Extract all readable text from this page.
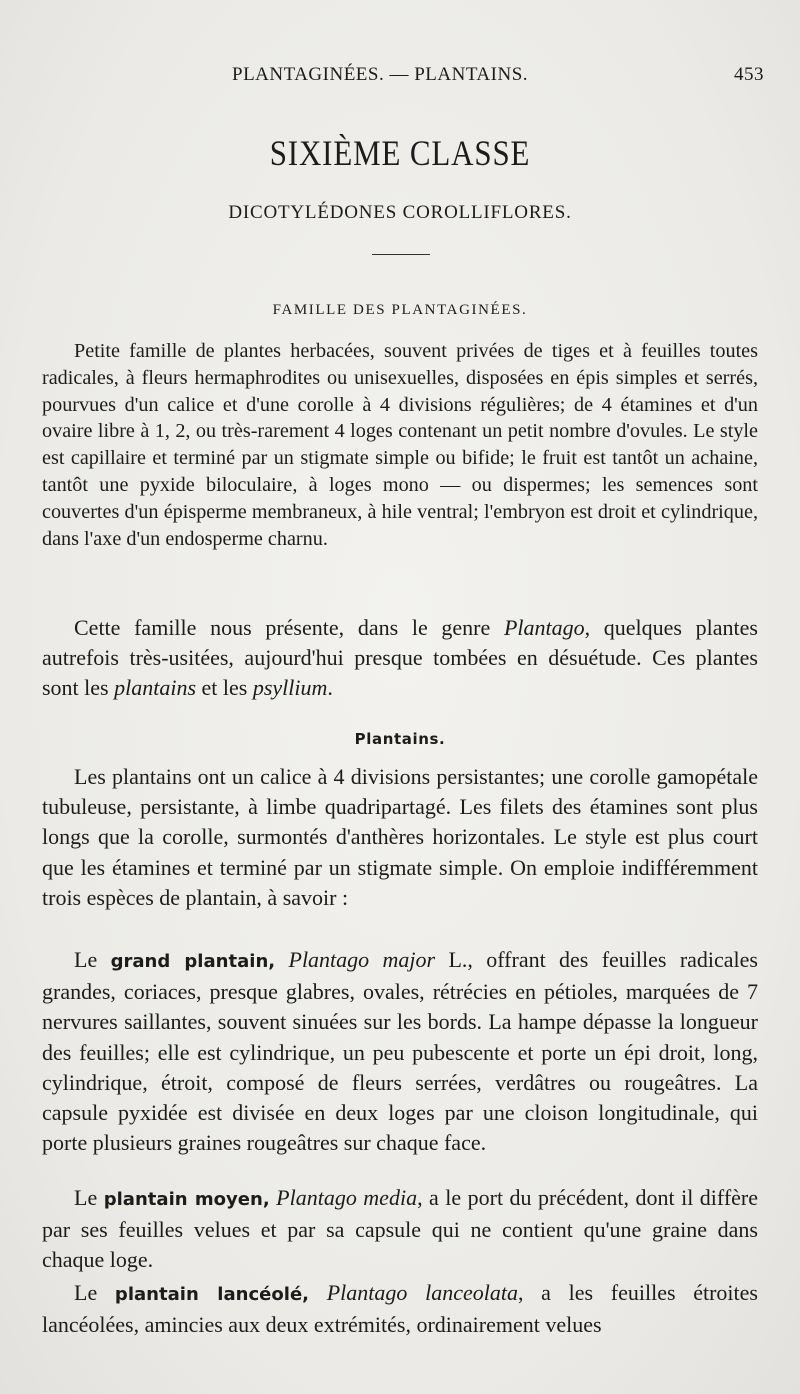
PLANTAGINÉES. — PLANTAINS.	453
SIXIÈME CLASSE
DICOTYLÉDONES COROLLIFLORES.
FAMILLE DES PLANTAGINÉES.

Petite famille de plantes herbacées, souvent privées de tiges et à feuilles toutes radicales, à fleurs hermaphrodites ou unisexuelles, disposées en épis simples et serrés, pourvues d'un calice et d'une corolle à 4 divisions régulières; de 4 étamines et d'un ovaire libre à 1, 2, ou très-rarement 4 loges contenant un petit nombre d'ovules. Le style est capillaire et terminé par un stigmate simple ou bifide; le fruit est tantôt un achaine, tantôt une pyxide biloculaire, à loges mono — ou dispermes; les semences sont couvertes d'un épisperme membraneux, à hile ventral; l'embryon est droit et cylindrique, dans l'axe d'un endosperme charnu.

Cette famille nous présente, dans le genre Plantago, quelques plantes autrefois très-usitées, aujourd'hui presque tombées en désuétude. Ces plantes sont les plantains et les psyllium.

Plantains.

Les plantains ont un calice à 4 divisions persistantes; une corolle gamopétale tubuleuse, persistante, à limbe quadripartagé. Les filets des étamines sont plus longs que la corolle, surmontés d'anthères horizontales. Le style est plus court que les étamines et terminé par un stigmate simple. On emploie indifféremment trois espèces de plantain, à savoir :

Le grand plantain, Plantago major L., offrant des feuilles radicales grandes, coriaces, presque glabres, ovales, rétrécies en pétioles, marquées de 7 nervures saillantes, souvent sinuées sur les bords. La hampe dépasse la longueur des feuilles; elle est cylindrique, un peu pubescente et porte un épi droit, long, cylindrique, étroit, composé de fleurs serrées, verdâtres ou rougeâtres. La capsule pyxidée est divisée en deux loges par une cloison longitudinale, qui porte plusieurs graines rougeâtres sur chaque face.

Le plantain moyen, Plantago media, a le port du précédent, dont il diffère par ses feuilles velues et par sa capsule qui ne contient qu'une graine dans chaque loge.

Le plantain lancéolé, Plantago lanceolata, a les feuilles étroites lancéolées, amincies aux deux extrémités, ordinairement velues
